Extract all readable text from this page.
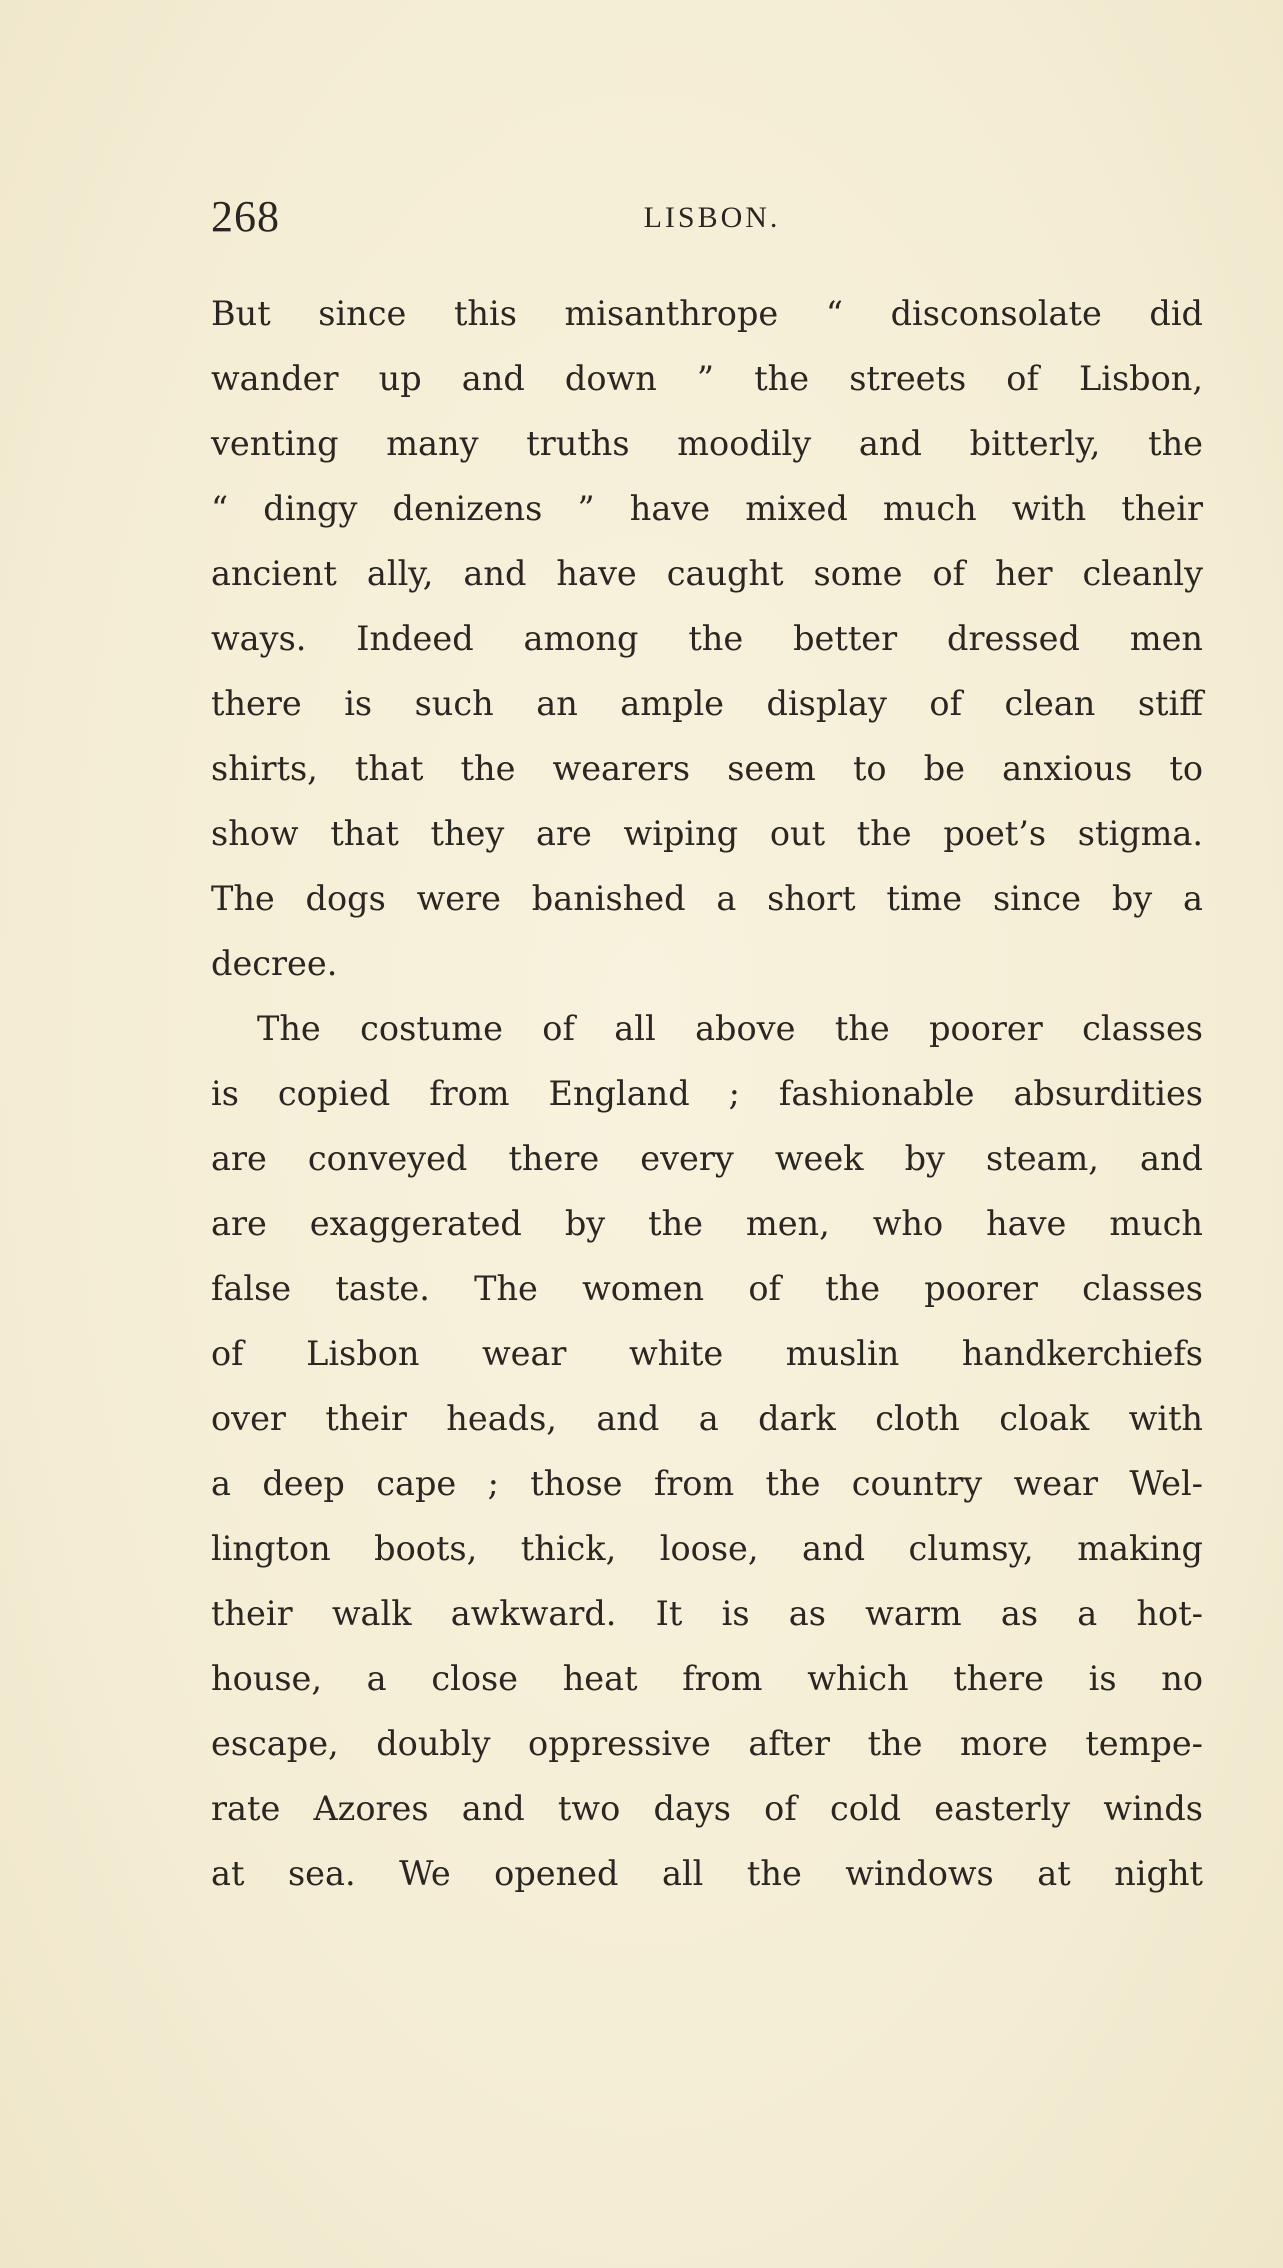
268	LISBON.
But since this misanthrope “ disconsolate did
wander up and down ” the streets of Lisbon,
venting many truths moodily and bitterly, the
“ dingy denizens ” have mixed much with their
ancient ally, and have caught some of her cleanly
ways. Indeed among the better dressed men
there is such an ample display of clean stiff
shirts, that the wearers seem to be anxious to
show that they are wiping out the poet’s stigma.
The dogs were banished a short time since by a
decree.
The costume of all above the poorer classes
is copied from England ; fashionable absurdities
are conveyed there every week by steam, and
are exaggerated by the men, who have much
false taste. The women of the poorer classes
of Lisbon wear white muslin handkerchiefs
over their heads, and a dark cloth cloak with
a deep cape ; those from the country wear Wel-
lington boots, thick, loose, and clumsy, making
their walk awkward. It is as warm as a hot-
house, a close heat from which there is no
escape, doubly oppressive after the more tempe-
rate Azores and two days of cold easterly winds
at sea. We opened all the windows at night
